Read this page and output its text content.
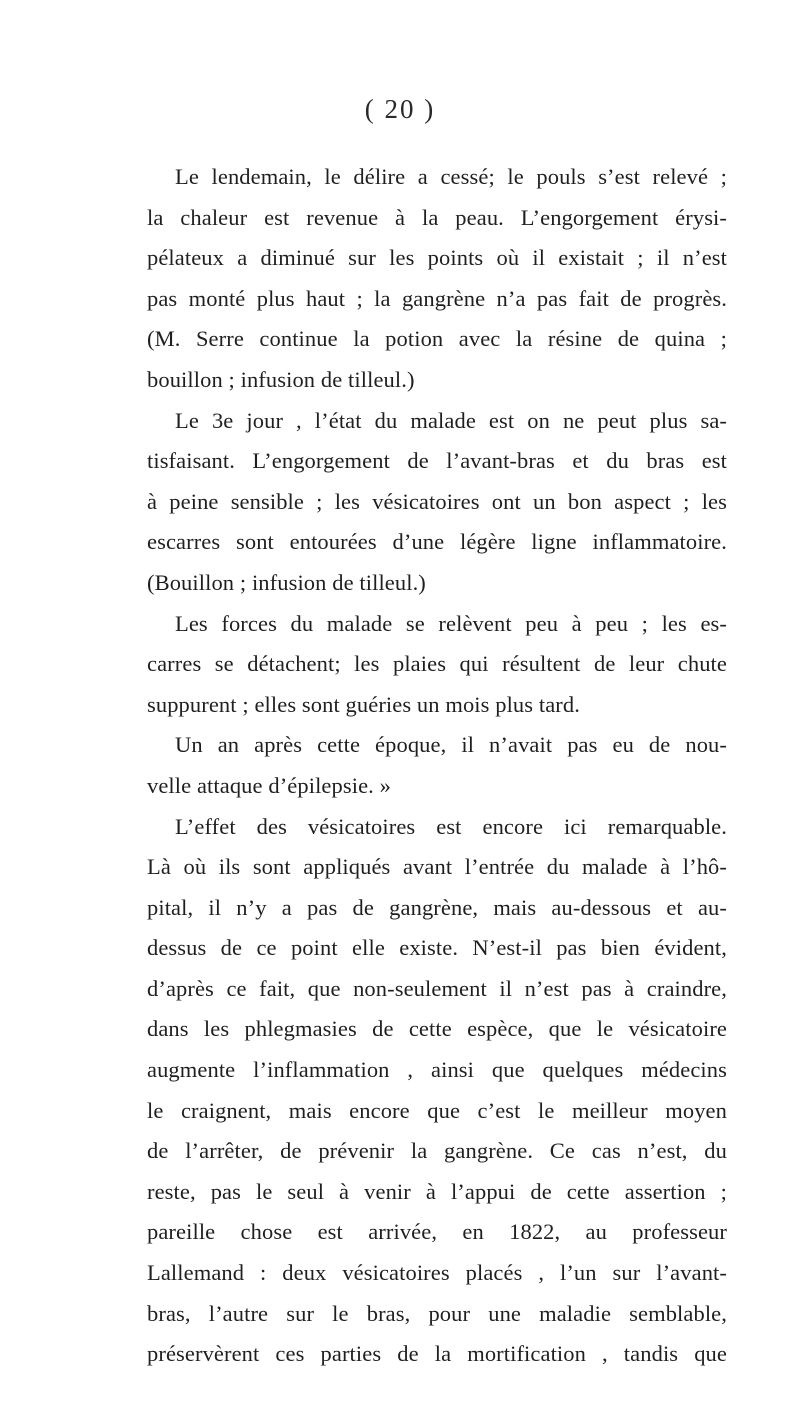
( 20 )
Le lendemain, le délire a cessé; le pouls s’est relevé ;
la chaleur est revenue à la peau. L’engorgement érysi-
pélateux a diminué sur les points où il existait ; il n’est
pas monté plus haut ; la gangrène n’a pas fait de progrès.
(M. Serre continue la potion avec la résine de quina ;
bouillon ; infusion de tilleul.)
Le 3e jour , l’état du malade est on ne peut plus sa-
tisfaisant. L’engorgement de l’avant-bras et du bras est
à peine sensible ; les vésicatoires ont un bon aspect ; les
escarres sont entourées d’une légère ligne inflammatoire.
(Bouillon ; infusion de tilleul.)
Les forces du malade se relèvent peu à peu ; les es-
carres se détachent; les plaies qui résultent de leur chute
suppurent ; elles sont guéries un mois plus tard.
Un an après cette époque, il n’avait pas eu de nou-
velle attaque d’épilepsie. »
L’effet des vésicatoires est encore ici remarquable.
Là où ils sont appliqués avant l’entrée du malade à l’hô-
pital, il n’y a pas de gangrène, mais au-dessous et au-
dessus de ce point elle existe. N’est-il pas bien évident,
d’après ce fait, que non-seulement il n’est pas à craindre,
dans les phlegmasies de cette espèce, que le vésicatoire
augmente l’inflammation , ainsi que quelques médecins
le craignent, mais encore que c’est le meilleur moyen
de l’arrêter, de prévenir la gangrène. Ce cas n’est, du
reste, pas le seul à venir à l’appui de cette assertion ;
pareille chose est arrivée, en 1822, au professeur
Lallemand : deux vésicatoires placés , l’un sur l’avant-
bras, l’autre sur le bras, pour une maladie semblable,
préservèrent ces parties de la mortification , tandis que
